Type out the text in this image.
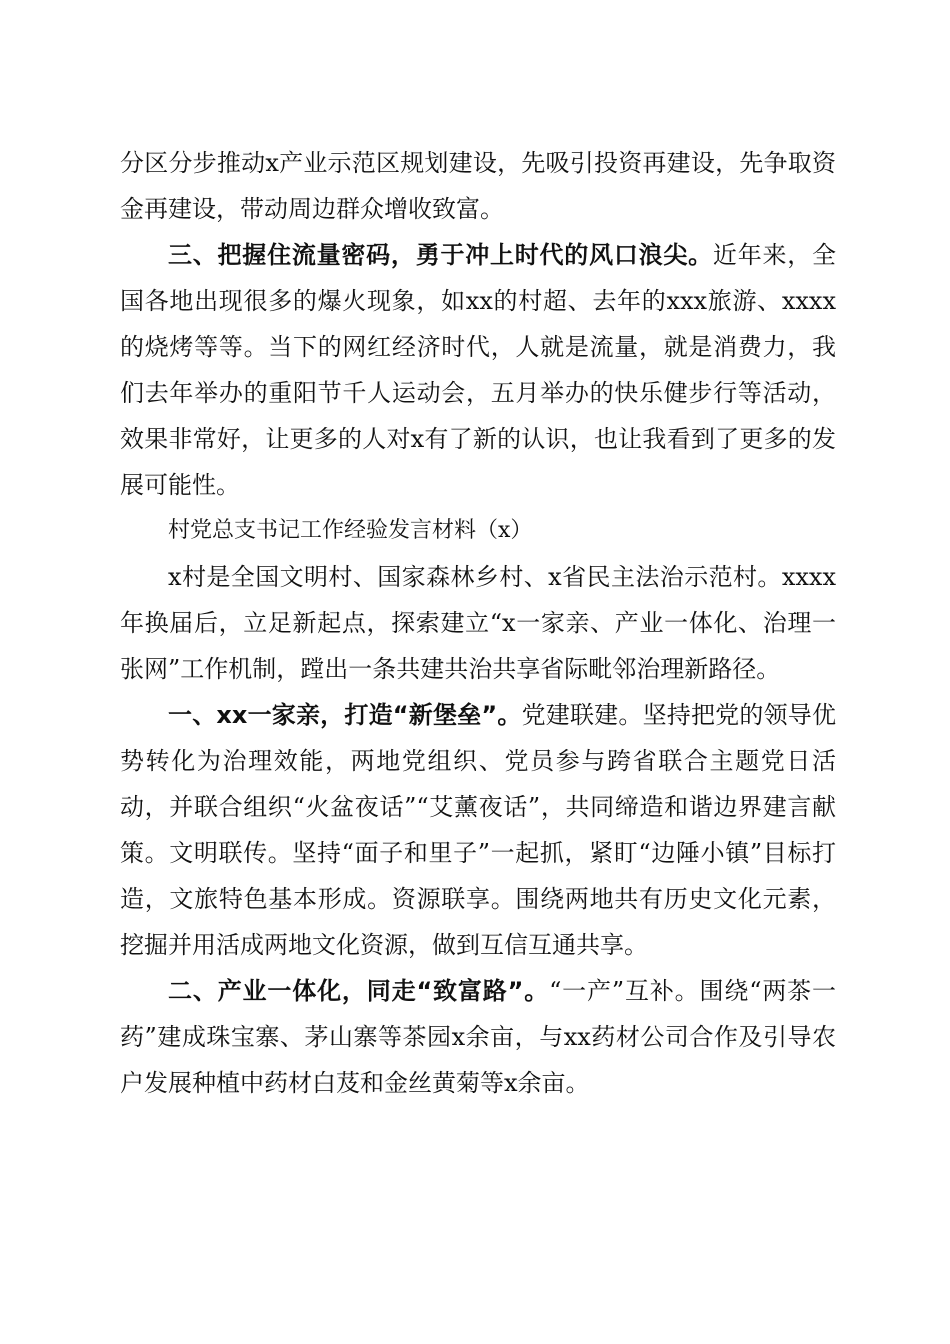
分区分步推动x产业示范区规划建设，先吸引投资再建设，先争取资金再建设，带动周边群众增收致富。

三、把握住流量密码，勇于冲上时代的风口浪尖。近年来，全国各地出现很多的爆火现象，如xx的村超、去年的xxx旅游、xxxx的烧烤等等。当下的网红经济时代，人就是流量，就是消费力，我们去年举办的重阳节千人运动会，五月举办的快乐健步行等活动，效果非常好，让更多的人对x有了新的认识，也让我看到了更多的发展可能性。

村党总支书记工作经验发言材料（x）

x村是全国文明村、国家森林乡村、x省民主法治示范村。xxxx年换届后，立足新起点，探索建立“x一家亲、产业一体化、治理一张网”工作机制，蹚出一条共建共治共享省际毗邻治理新路径。

一、xx一家亲，打造“新堡垒”。党建联建。坚持把党的领导优势转化为治理效能，两地党组织、党员参与跨省联合主题党日活动，并联合组织“火盆夜话”“艾薰夜话”，共同缔造和谐边界建言献策。文明联传。坚持“面子和里子”一起抓，紧盯“边陲小镇”目标打造，文旅特色基本形成。资源联享。围绕两地共有历史文化元素，挖掘并用活成两地文化资源，做到互信互通共享。

二、产业一体化，同走“致富路”。“一产”互补。围绕“两茶一药”建成珠宝寨、茅山寨等茶园x余亩，与xx药材公司合作及引导农户发展种植中药材白芨和金丝黄菊等x余亩。
